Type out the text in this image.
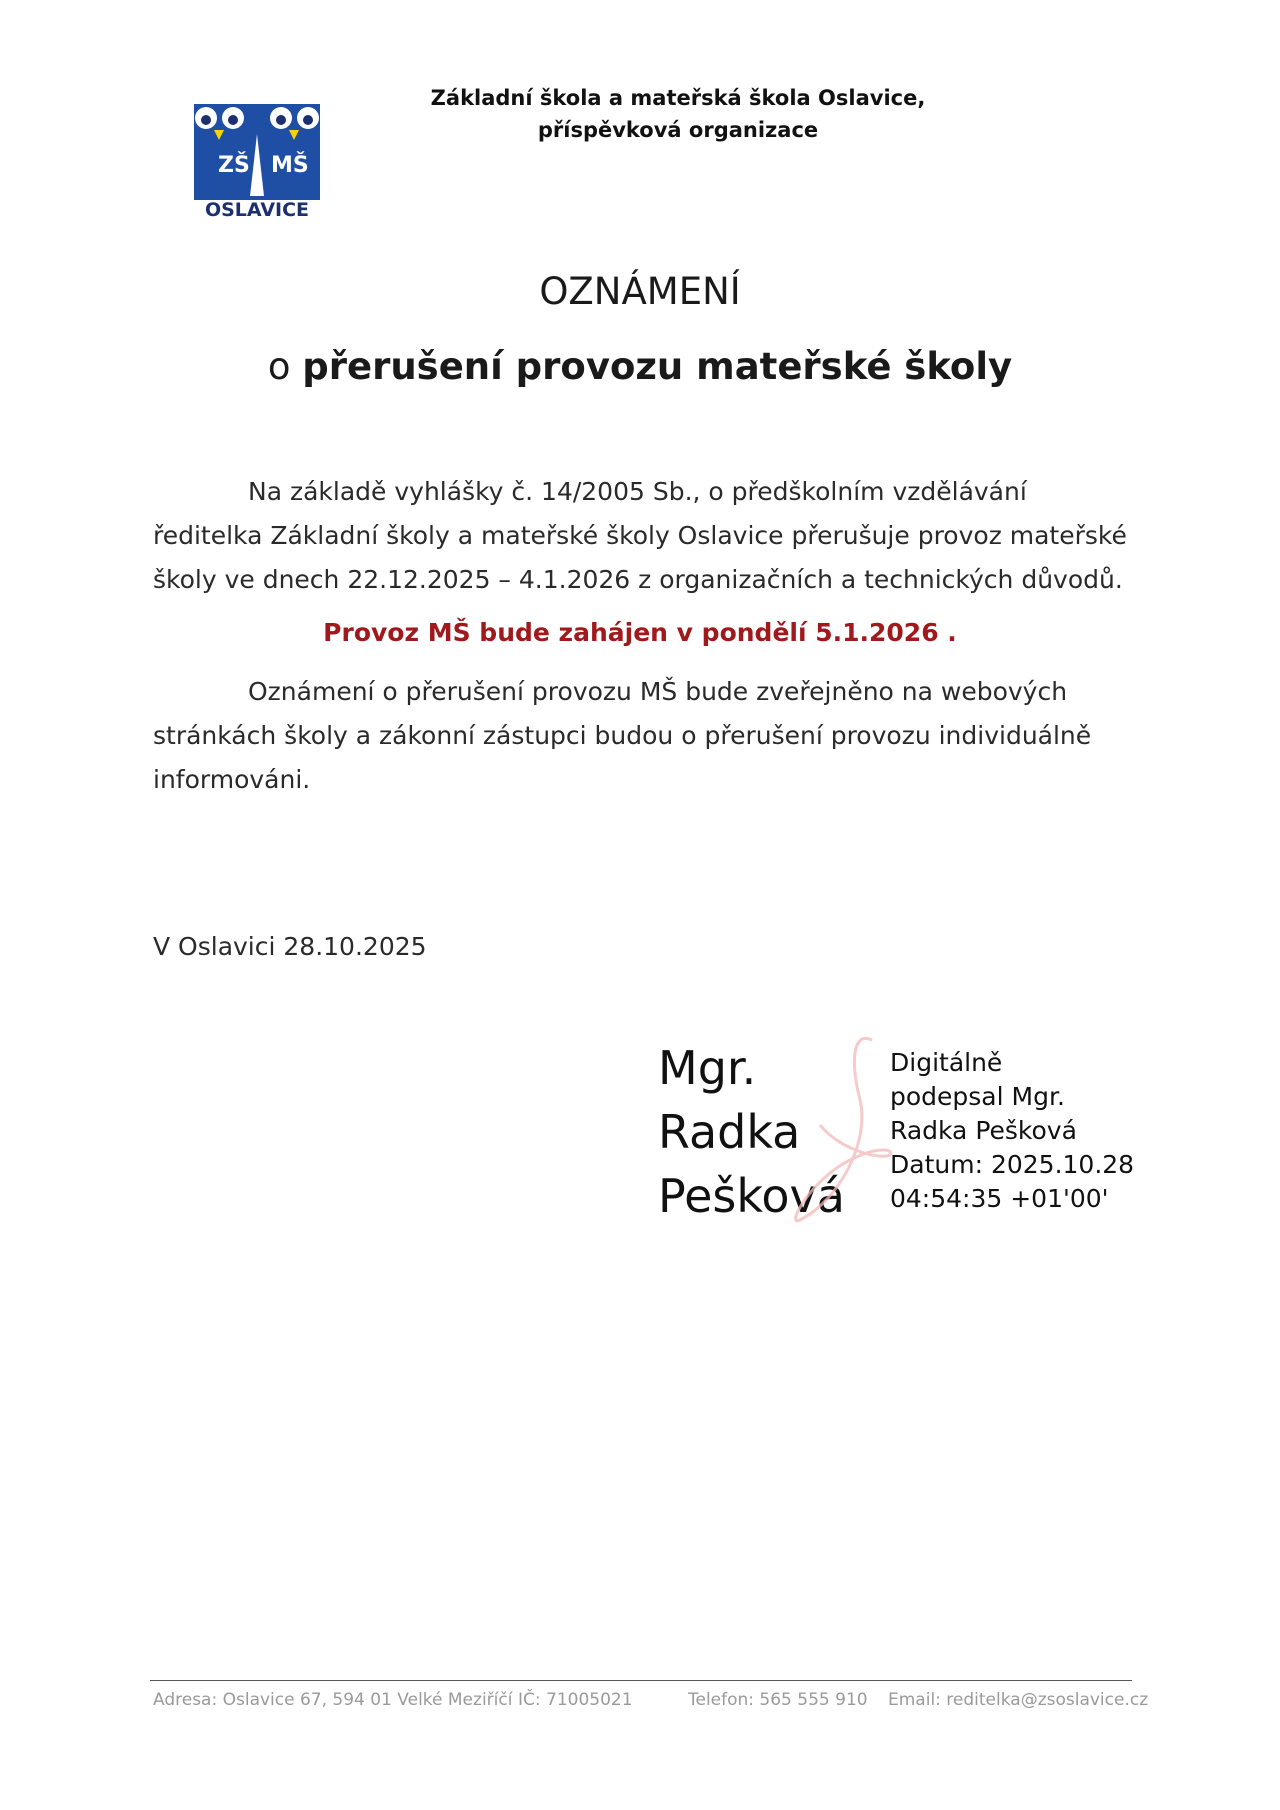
ZŠ MŠ
a
OSLAVICE
Základní škola a mateřská škola Oslavice,
příspěvková organizace
OZNÁMENÍ
o přerušení provozu mateřské školy
Na základě vyhlášky č. 14/2005 Sb., o předškolním vzdělávání ředitelka Základní školy a mateřské školy Oslavice přerušuje provoz mateřské školy ve dnech 22.12.2025 – 4.1.2026 z organizačních a technických důvodů.
Provoz MŠ bude zahájen v pondělí 5.1.2026 .
Oznámení o přerušení provozu MŠ bude zveřejněno na webových stránkách školy a zákonní zástupci budou o přerušení provozu individuálně informováni.
V Oslavici 28.10.2025
Mgr.
Radka
Pešková
Digitálně
podepsal Mgr.
Radka Pešková
Datum: 2025.10.28
04:54:35 +01'00'
Adresa: Oslavice 67, 594 01 Velké Meziříčí IČ: 71005021	Telefon: 565 555 910 Email: reditelka@zsoslavice.cz
